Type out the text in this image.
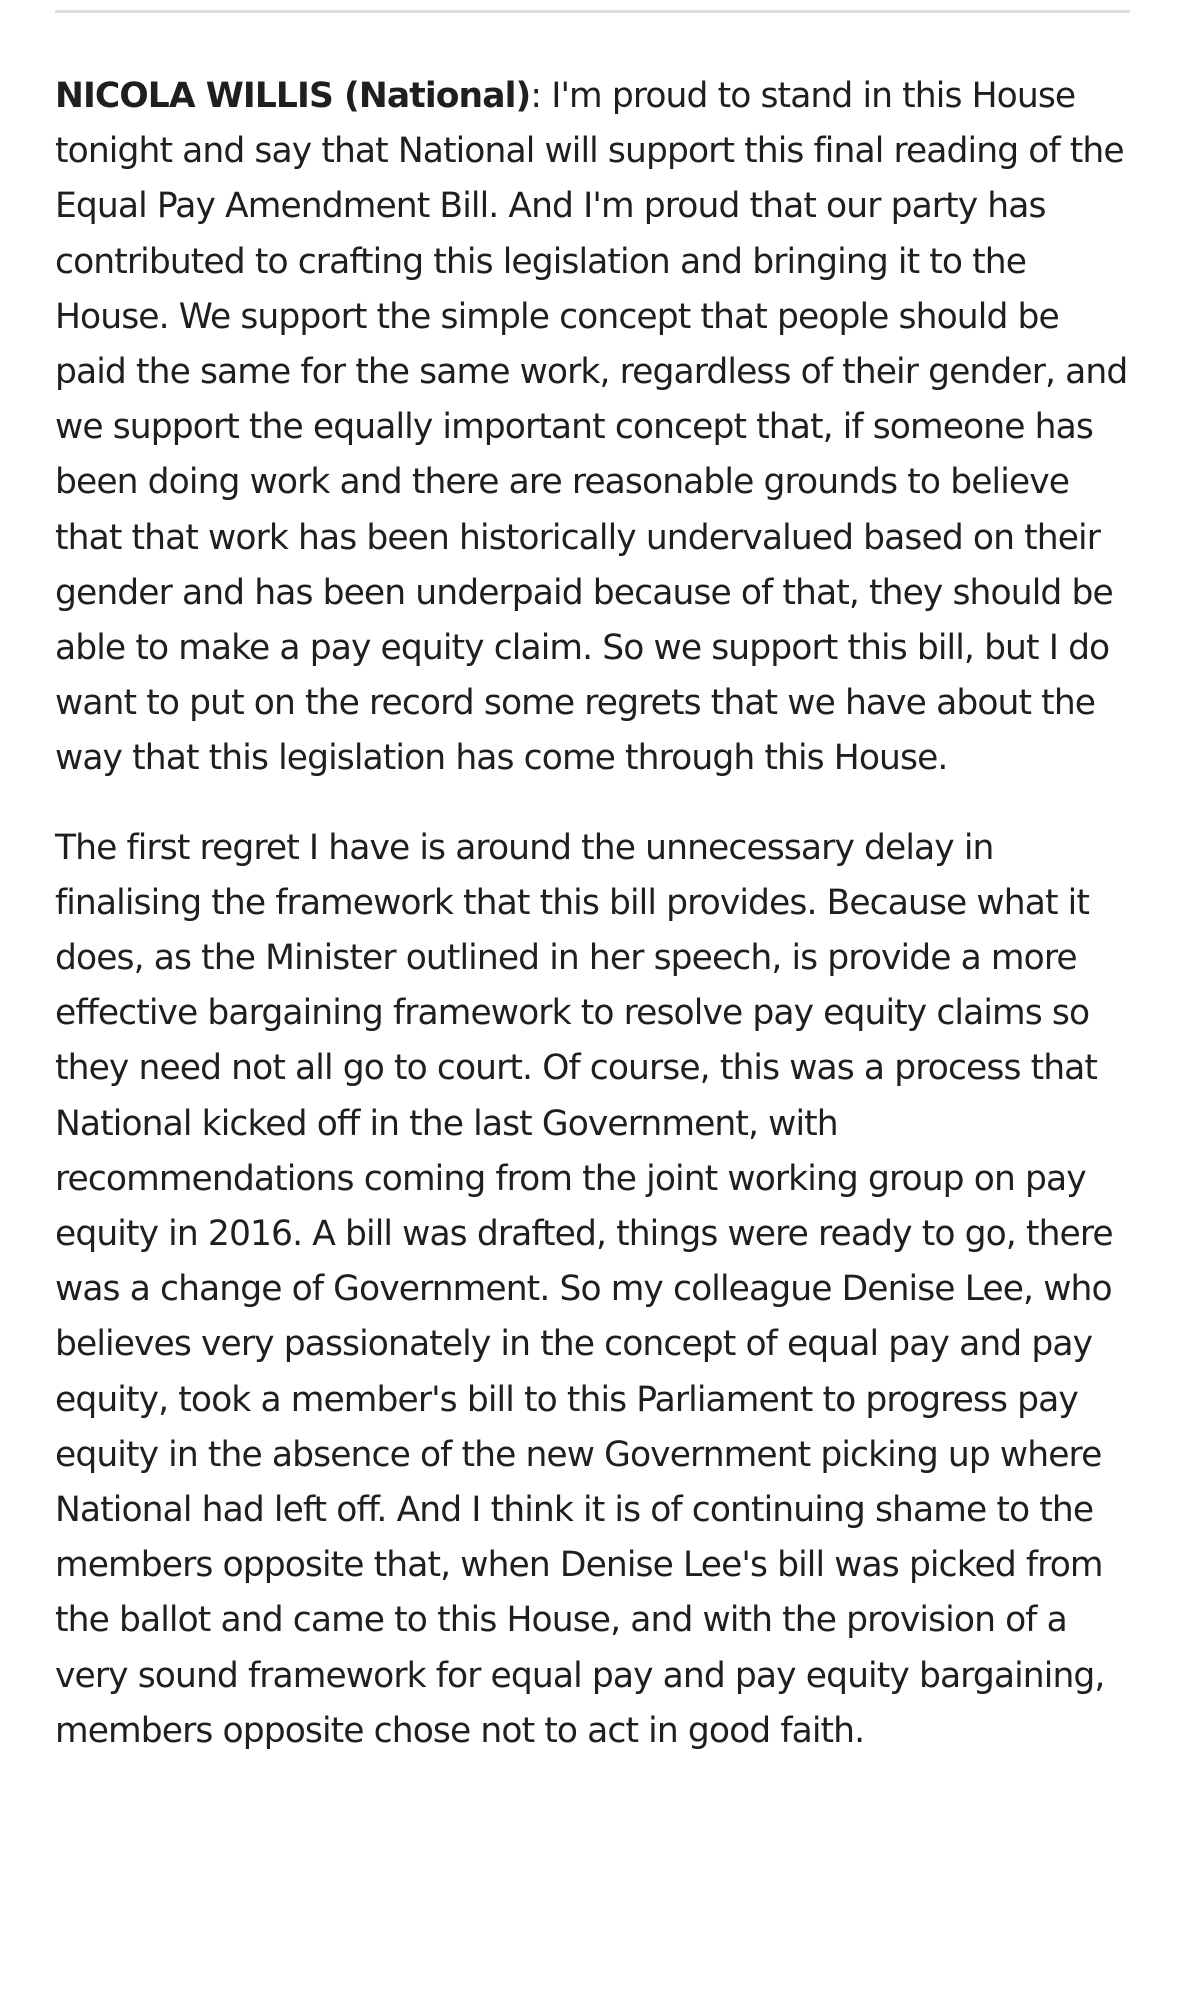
NICOLA WILLIS (National): I'm proud to stand in this House tonight and say that National will support this final reading of the Equal Pay Amendment Bill. And I'm proud that our party has contributed to crafting this legislation and bringing it to the House. We support the simple concept that people should be paid the same for the same work, regardless of their gender, and we support the equally important concept that, if someone has been doing work and there are reasonable grounds to believe that that work has been historically undervalued based on their gender and has been underpaid because of that, they should be able to make a pay equity claim. So we support this bill, but I do want to put on the record some regrets that we have about the way that this legislation has come through this House.

The first regret I have is around the unnecessary delay in finalising the framework that this bill provides. Because what it does, as the Minister outlined in her speech, is provide a more effective bargaining framework to resolve pay equity claims so they need not all go to court. Of course, this was a process that National kicked off in the last Government, with recommendations coming from the joint working group on pay equity in 2016. A bill was drafted, things were ready to go, there was a change of Government. So my colleague Denise Lee, who believes very passionately in the concept of equal pay and pay equity, took a member's bill to this Parliament to progress pay equity in the absence of the new Government picking up where National had left off. And I think it is of continuing shame to the members opposite that, when Denise Lee's bill was picked from the ballot and came to this House, and with the provision of a very sound framework for equal pay and pay equity bargaining, members opposite chose not to act in good faith.
